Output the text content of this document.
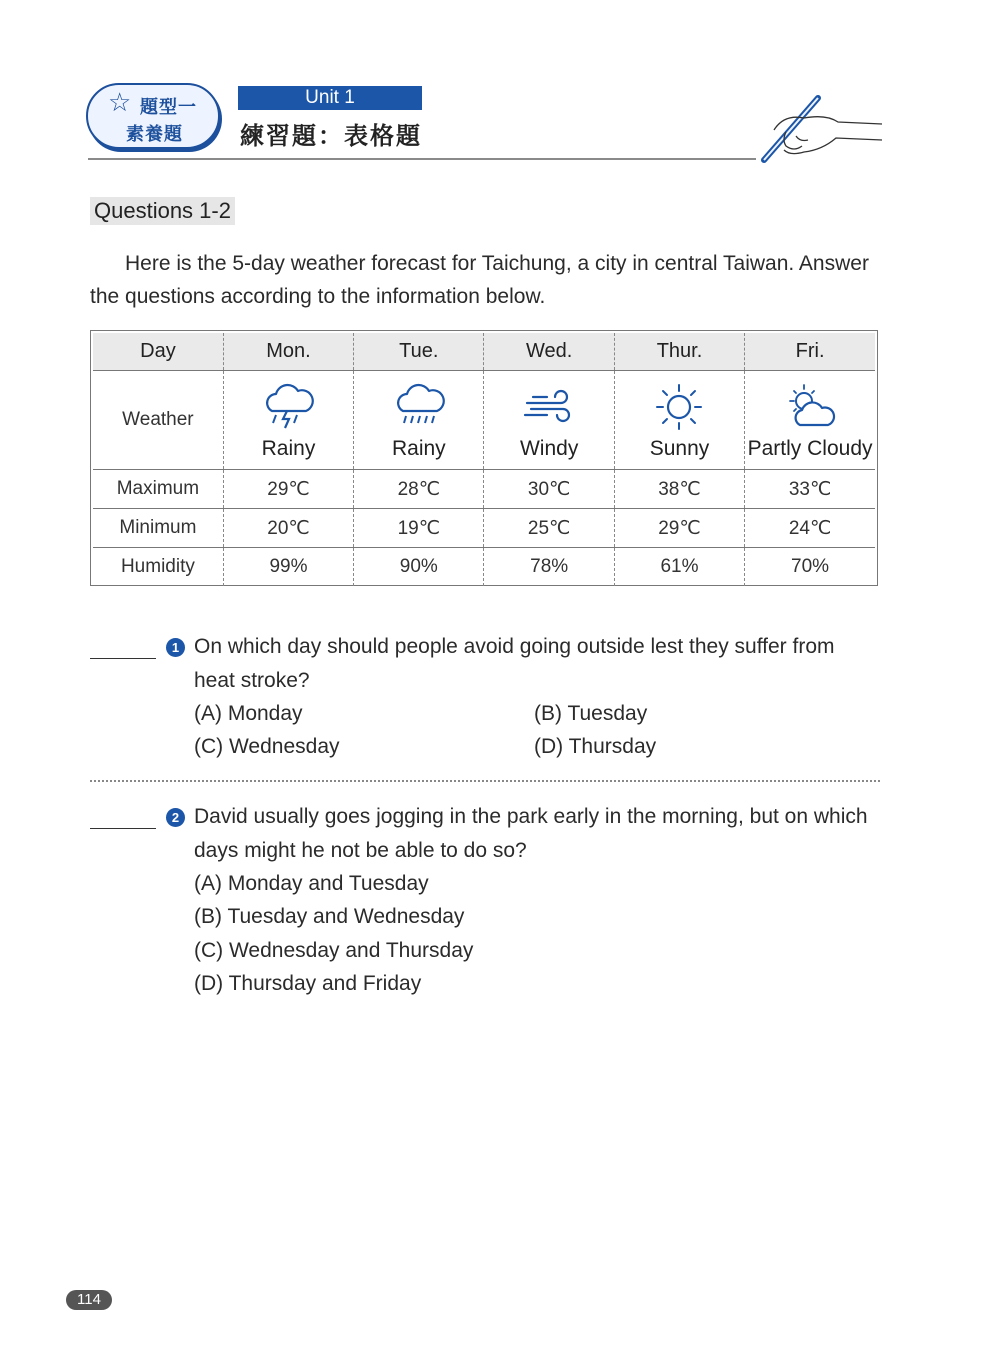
☆ 題型一
素養題
Unit 1
練習題：表格題
Questions 1-2
Here is the 5-day weather forecast for Taichung, a city in central Taiwan. Answer the questions according to the information below.
Day	Mon.	Tue.	Wed.	Thur.	Fri.
Weather	Rainy	Rainy	Windy	Sunny	Partly Cloudy

Maximum	29℃	28℃	30℃	38℃	33℃
Minimum	20℃	19℃	25℃	29℃	24℃
Humidity	99%	90%	78%	61%	70%
1 On which day should people avoid going outside lest they suffer from heat stroke?
(A) Monday	(B) Tuesday
(C) Wednesday	(D) Thursday
2 David usually goes jogging in the park early in the morning, but on which days might he not be able to do so?
(A) Monday and Tuesday
(B) Tuesday and Wednesday
(C) Wednesday and Thursday
(D) Thursday and Friday
114
